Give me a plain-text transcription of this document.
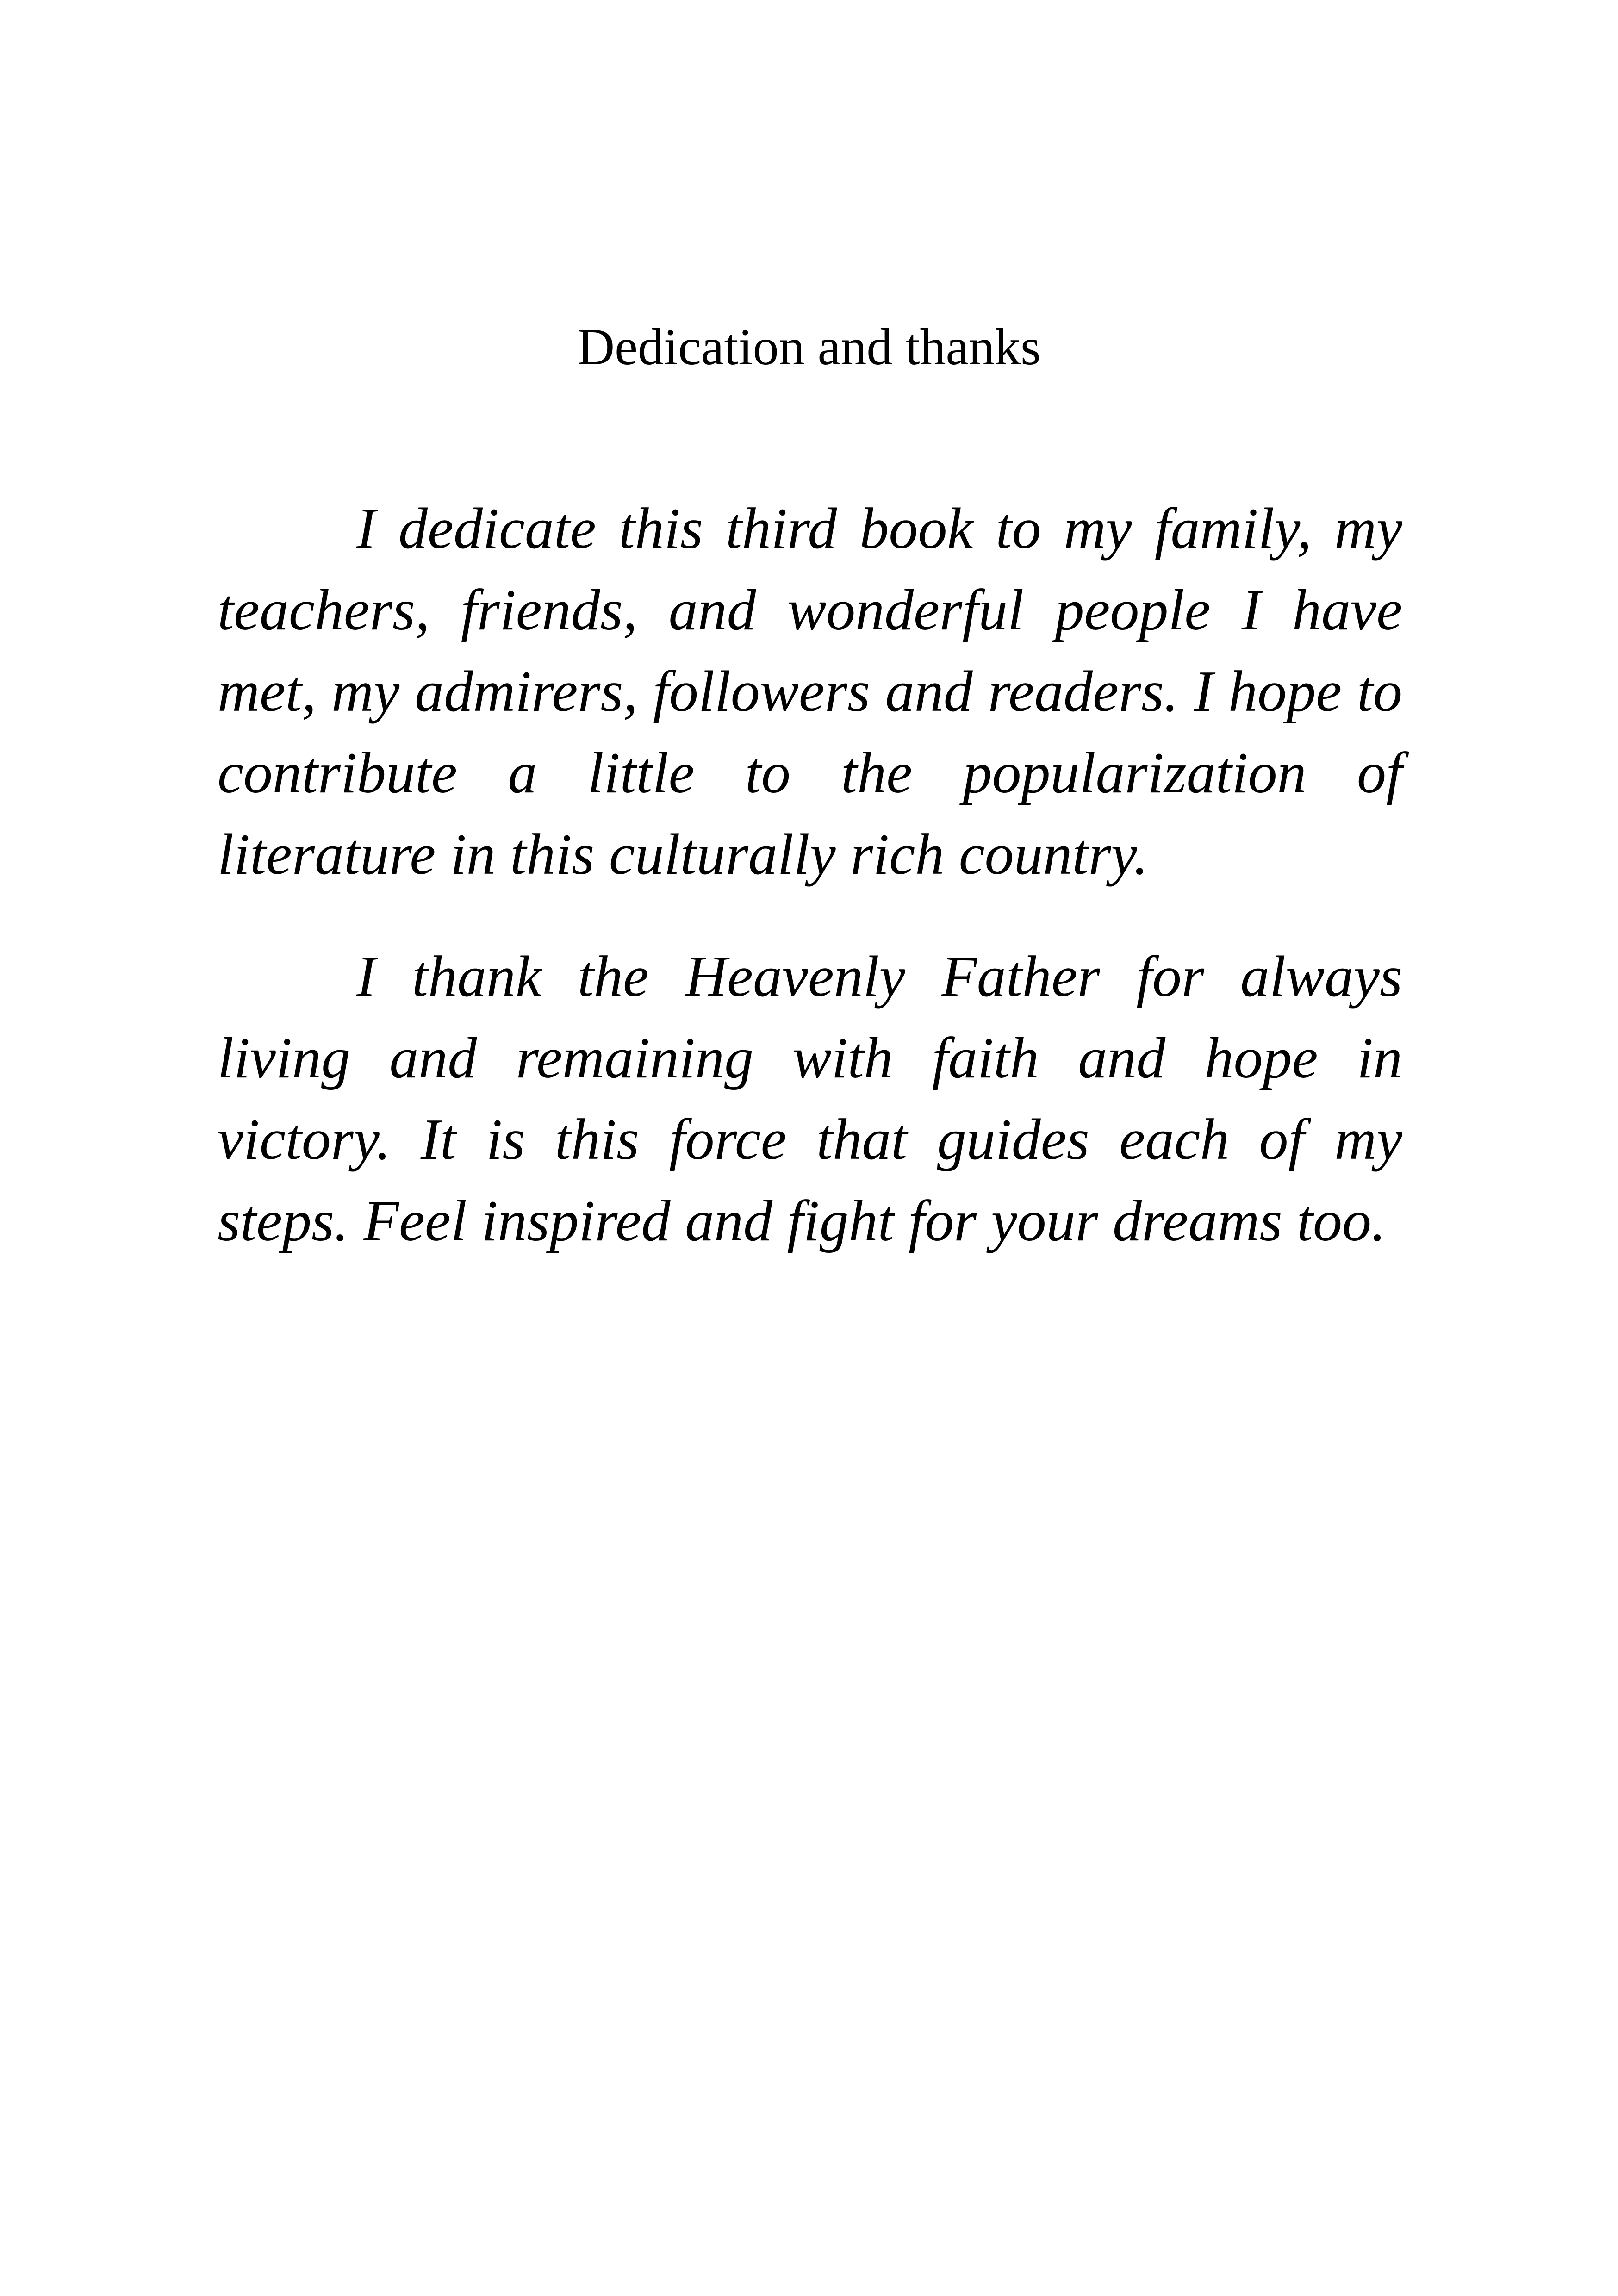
Dedication and thanks

I dedicate this third book to my family, my teachers, friends, and wonderful people I have met, my admirers, followers and readers. I hope to contribute a little to the popularization of literature in this culturally rich country.

I thank the Heavenly Father for always living and remaining with faith and hope in victory. It is this force that guides each of my steps. Feel inspired and fight for your dreams too.
